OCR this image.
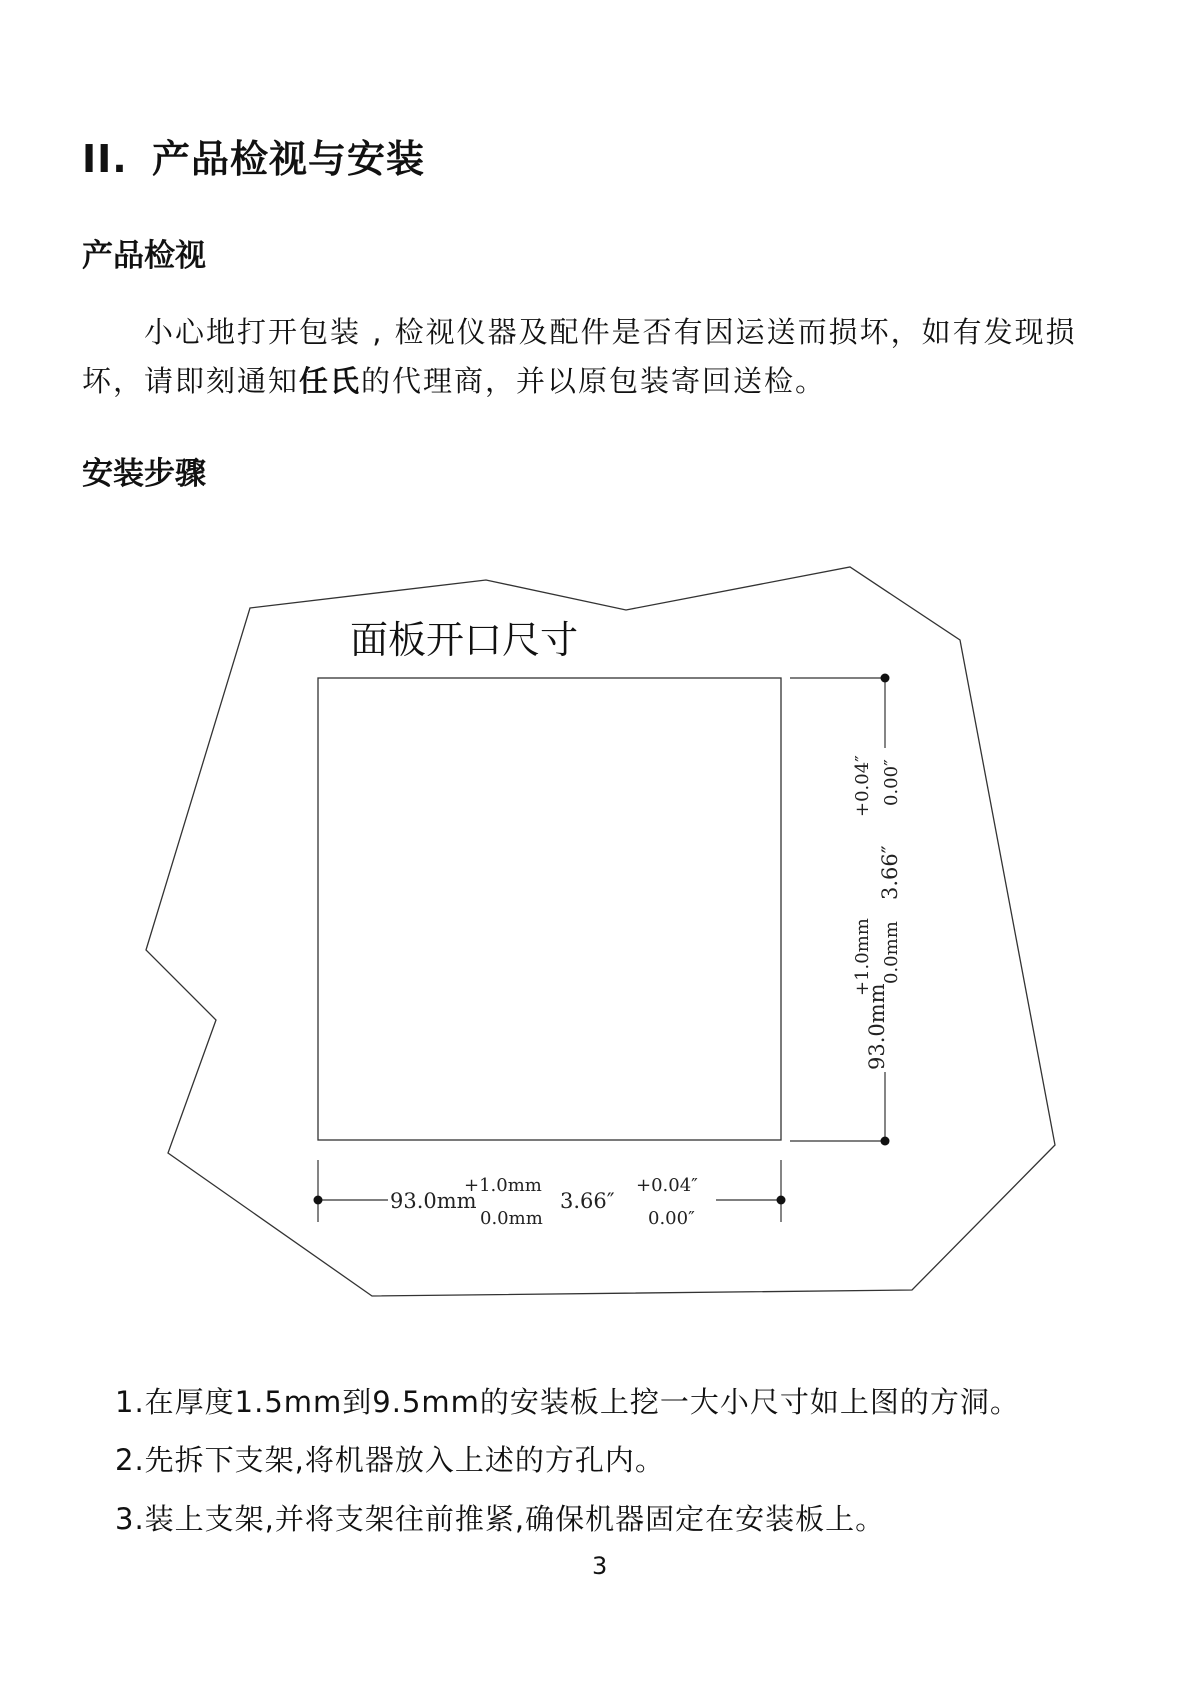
II. 产品检视与安装
产品检视

小心地打开包装 , 检视仪器及配件是否有因运送而损坏，如有发现损坏，请即刻通知任氏的代理商，并以原包装寄回送检。

安装步骤
面板开口尺寸
93.0mm
+1.0mm 0.0mm
3.66″
+0.04″ 0.00″
93.0mm
+1.0mm
0.0mm
3.66″
+0.04″
0.00″
1.在厚度1.5mm到9.5mm的安装板上挖一大小尺寸如上图的方洞。
2.先拆下支架,将机器放入上述的方孔内。
3.装上支架,并将支架往前推紧,确保机器固定在安装板上。
3
